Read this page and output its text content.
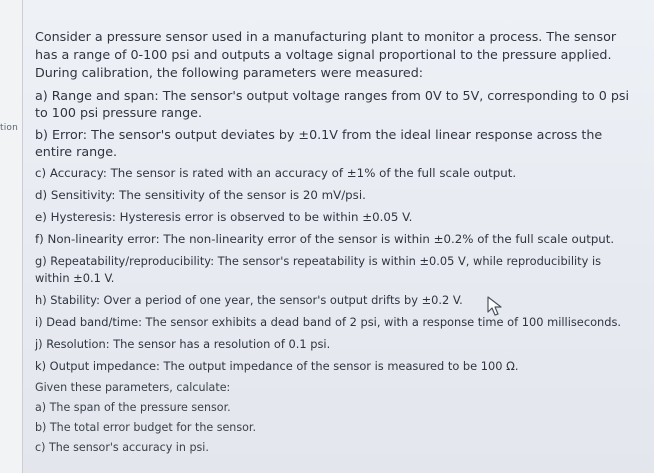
tion
Consider a pressure sensor used in a manufacturing plant to monitor a process. The sensor has a range of 0-100 psi and outputs a voltage signal proportional to the pressure applied. During calibration, the following parameters were measured:
a) Range and span: The sensor's output voltage ranges from 0V to 5V, corresponding to 0 psi to 100 psi pressure range.
b) Error: The sensor's output deviates by ±0.1V from the ideal linear response across the entire range.
c) Accuracy: The sensor is rated with an accuracy of ±1% of the full scale output.
d) Sensitivity: The sensitivity of the sensor is 20 mV/psi.
e) Hysteresis: Hysteresis error is observed to be within ±0.05 V.
f) Non-linearity error: The non-linearity error of the sensor is within ±0.2% of the full scale output.
g) Repeatability/reproducibility: The sensor's repeatability is within ±0.05 V, while reproducibility is within ±0.1 V.
h) Stability: Over a period of one year, the sensor's output drifts by ±0.2 V.
i) Dead band/time: The sensor exhibits a dead band of 2 psi, with a response time of 100 milliseconds.
j) Resolution: The sensor has a resolution of 0.1 psi.
k) Output impedance: The output impedance of the sensor is measured to be 100 Ω.
Given these parameters, calculate:
a) The span of the pressure sensor.
b) The total error budget for the sensor.
c) The sensor's accuracy in psi.
